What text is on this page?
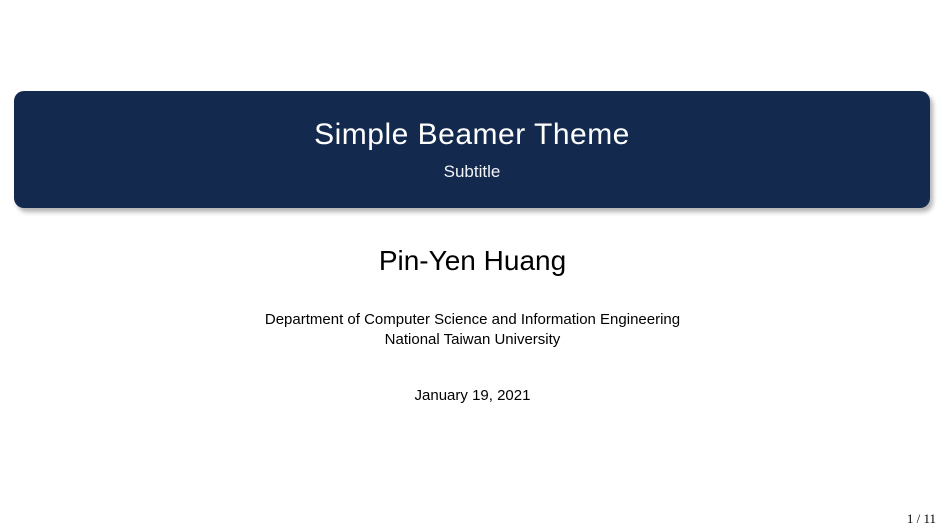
Simple Beamer Theme
Subtitle
Pin-Yen Huang
Department of Computer Science and Information Engineering
National Taiwan University
January 19, 2021
1 / 11
